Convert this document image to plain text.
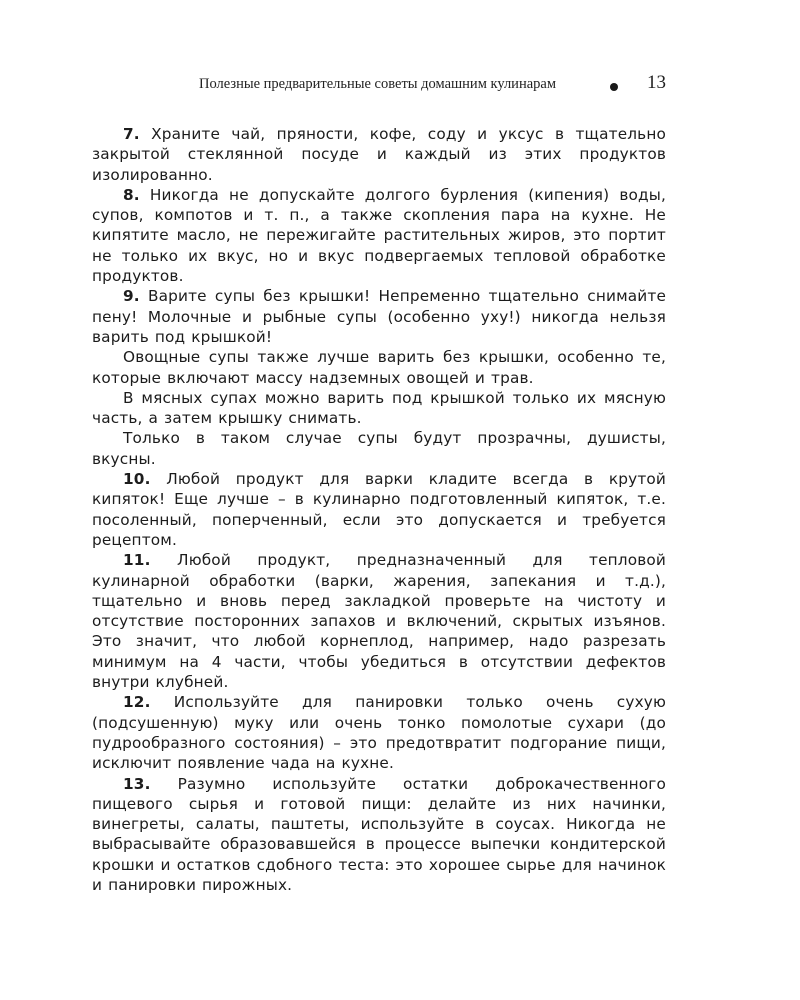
Полезные предварительные советы домашним кулинарам	13

7. Храните чай, пряности, кофе, соду и уксус в тщательно закрытой стеклянной посуде и каждый из этих продуктов изолированно.

8. Никогда не допускайте долгого бурления (кипения) воды, супов, компотов и т. п., а также скопления пара на кухне. Не кипятите масло, не пережигайте растительных жиров, это портит не только их вкус, но и вкус подвергаемых тепловой обработке продуктов.

9. Варите супы без крышки! Непременно тщательно снимайте пену! Молочные и рыбные супы (особенно уху!) никогда нельзя варить под крышкой!

Овощные супы также лучше варить без крышки, особенно те, которые включают массу надземных овощей и трав.

В мясных супах можно варить под крышкой только их мясную часть, а затем крышку снимать.

Только в таком случае супы будут прозрачны, душисты, вкусны.

10. Любой продукт для варки кладите всегда в крутой кипяток! Еще лучше – в кулинарно подготовленный кипяток, т.е. посоленный, поперченный, если это допускается и требуется рецептом.

11. Любой продукт, предназначенный для тепловой кулинарной обработки (варки, жарения, запекания и т.д.), тщательно и вновь перед закладкой проверьте на чистоту и отсутствие посторонних запахов и включений, скрытых изъянов. Это значит, что любой корнеплод, например, надо разрезать минимум на 4 части, чтобы убедиться в отсутствии дефектов внутри клубней.

12. Используйте для панировки только очень сухую (подсушенную) муку или очень тонко помолотые сухари (до пудрообразного состояния) – это предотвратит подгорание пищи, исключит появление чада на кухне.

13. Разумно используйте остатки доброкачественного пищевого сырья и готовой пищи: делайте из них начинки, винегреты, салаты, паштеты, используйте в соусах. Никогда не выбрасывайте образовавшейся в процессе выпечки кондитерской крошки и остатков сдобного теста: это хорошее сырье для начинок и панировки пирожных.
